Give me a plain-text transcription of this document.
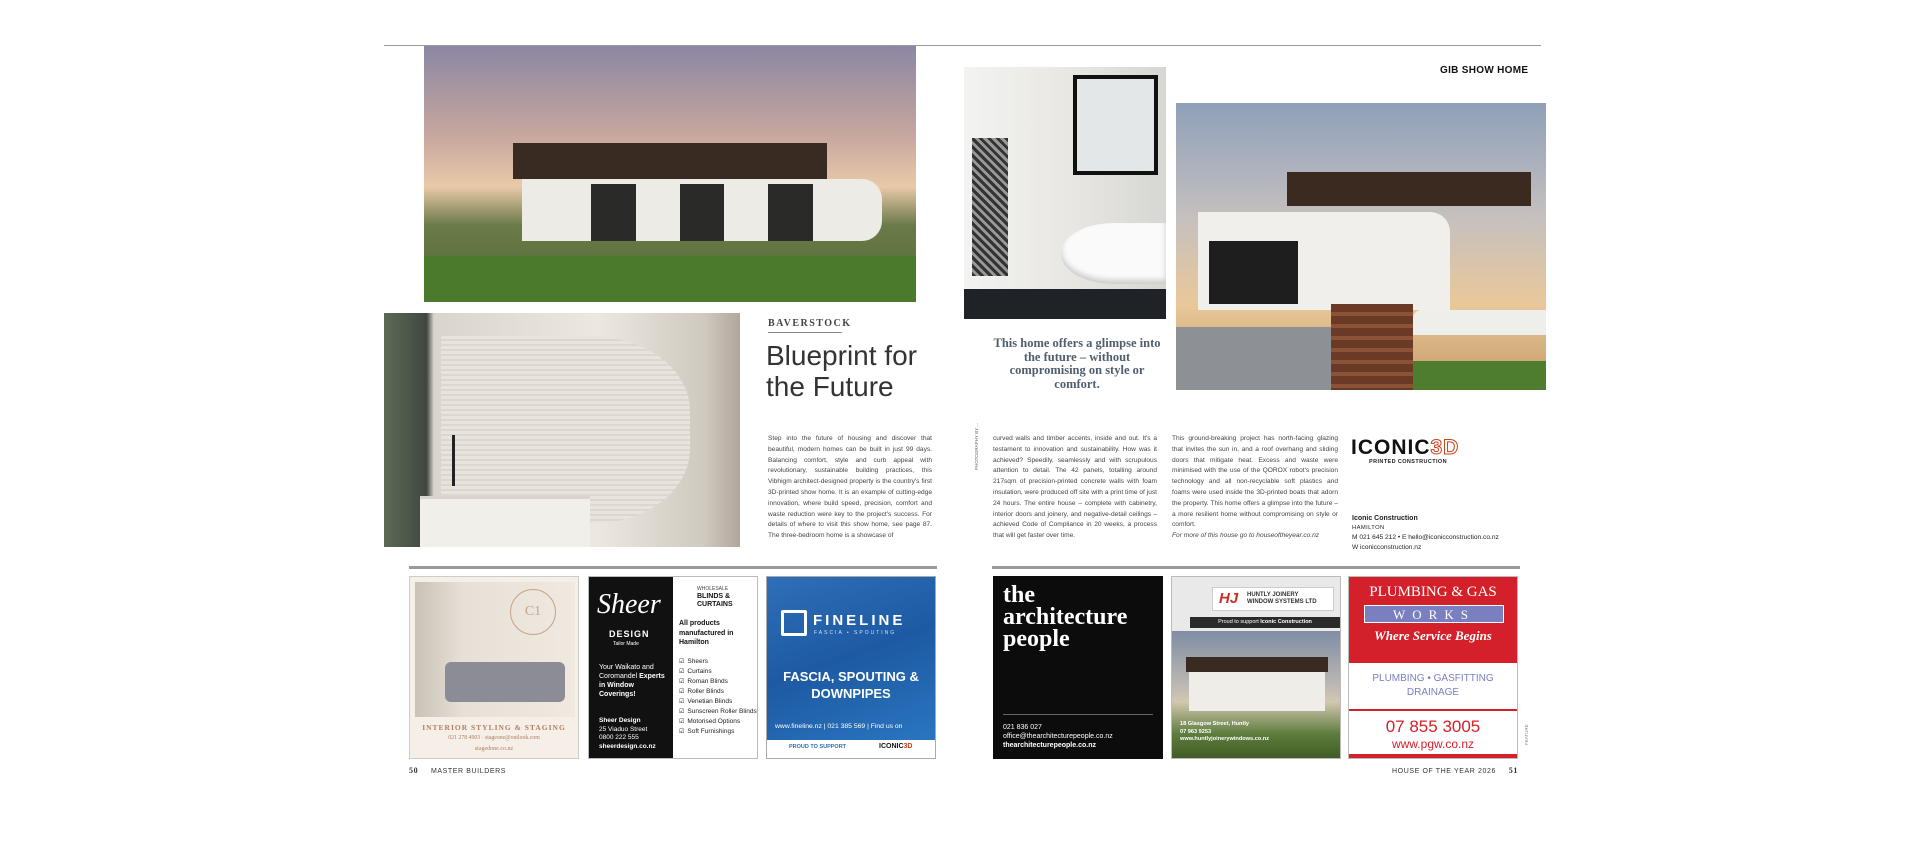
GIB SHOW HOME
BAVERSTOCK
Blueprint for the Future
This home offers a glimpse into the future – without compromising on style or comfort.
Step into the future of housing and discover that beautiful, modern homes can be built in just 99 days. Balancing comfort, style and curb appeal with revolutionary, sustainable building practices, this Vibhigm architect-designed property is the country's first 3D-printed show home. It is an example of cutting-edge innovation, where build speed, precision, comfort and waste reduction were key to the project's success. For details of where to visit this show home, see page 87. The three-bedroom home is a showcase of
PHOTOGRAPHY BY ... curved walls and timber accents, inside and out. It's a testament to innovation and sustainability. How was it achieved? Speedily, seamlessly and with scrupulous attention to detail. The 42 panels, totalling around 217sqm of precision-printed concrete walls with foam insulation, were produced off site with a print time of just 24 hours. The entire house – complete with cabinetry, interior doors and joinery, and negative-detail ceilings – achieved Code of Compliance in 20 weeks, a process that will get faster over time.
This ground-breaking project has north-facing glazing that invites the sun in, and a roof overhang and sliding doors that mitigate heat. Excess and waste were minimised with the use of the QOROX robot's precision technology and all non-recyclable soft plastics and foams were used inside the 3D-printed boats that adorn the property. This home offers a glimpse into the future – a more resilient home without compromising on style or comfort.
For more of this house go to houseoftheyear.co.nz
ICONIC3D
PRINTED CONSTRUCTION
Iconic Construction
HAMILTON
M 021 645 212 • E hello@iconicconstruction.co.nz
W iconicconstruction.nz
C1
INTERIOR STYLING & STAGING
021 278 4903 · stageone@outlook.com
stagedone.co.nz
Sheer
DESIGN
Tailor Made
Your Waikato and Coromandel Experts in Window Coverings!
Sheer Design
25 Viaduo Street
0800 222 555
sheerdesign.co.nz
WHOLESALE
BLINDS & CURTAINS
All products manufactured in Hamilton
☑ Sheers
☑ Curtains
☑ Roman Blinds
☑ Roller Blinds
☑ Venetian Blinds
☑ Sunscreen Roller Blinds
☑ Motorised Options
☑ Soft Furnishings
FINELINE
FASCIA • SPOUTING
FASCIA, SPOUTING & DOWNPIPES
www.fineline.nz | 021 385 569 | Find us on
PROUD TO SUPPORT	ICONIC3D
the architecture people
021 836 027
office@thearchitecturepeople.co.nz
thearchitecturepeople.co.nz
HJ HUNTLY JOINERY
WINDOW SYSTEMS LTD
Proud to support Iconic Construction
18 Glasgow Street, Huntly
07 963 9253
www.huntlyjoinerywindows.co.nz
PLUMBING & GAS
WORKS
Where Service Begins
PLUMBING • GASFITTING
DRAINAGE
07 855 3005
www.pgw.co.nz
50 MASTER BUILDERS	HOUSE OF THE YEAR 2026 51
FEATURE
